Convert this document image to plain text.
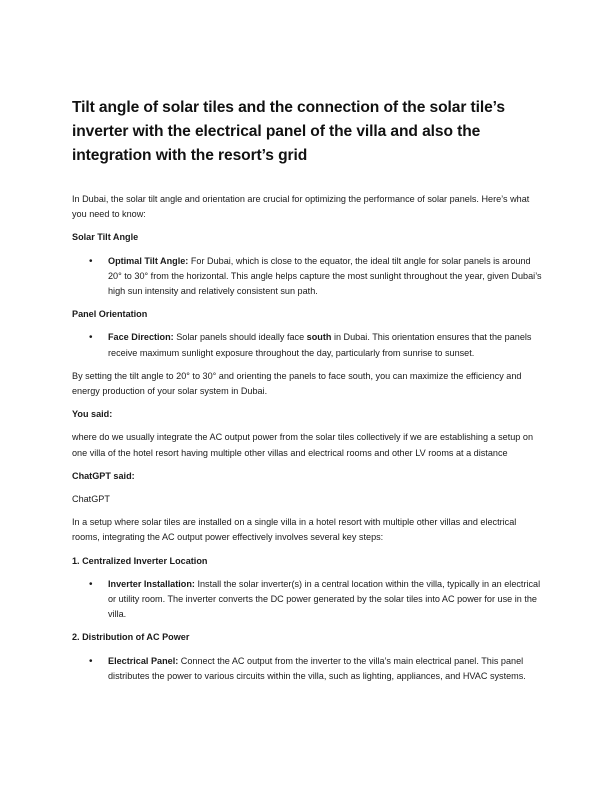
Tilt angle of solar tiles and the connection of the solar tile’s inverter with the electrical panel of the villa and also the integration with the resort’s grid

In Dubai, the solar tilt angle and orientation are crucial for optimizing the performance of solar panels. Here’s what you need to know:

Solar Tilt Angle

• Optimal Tilt Angle: For Dubai, which is close to the equator, the ideal tilt angle for solar panels is around 20° to 30° from the horizontal. This angle helps capture the most sunlight throughout the year, given Dubai’s high sun intensity and relatively consistent sun path.

Panel Orientation

• Face Direction: Solar panels should ideally face south in Dubai. This orientation ensures that the panels receive maximum sunlight exposure throughout the day, particularly from sunrise to sunset.

By setting the tilt angle to 20° to 30° and orienting the panels to face south, you can maximize the efficiency and energy production of your solar system in Dubai.

You said:

where do we usually integrate the AC output power from the solar tiles collectively if we are establishing a setup on one villa of the hotel resort having multiple other villas and electrical rooms and other LV rooms at a distance

ChatGPT said:

ChatGPT

In a setup where solar tiles are installed on a single villa in a hotel resort with multiple other villas and electrical rooms, integrating the AC output power effectively involves several key steps:

1. Centralized Inverter Location

• Inverter Installation: Install the solar inverter(s) in a central location within the villa, typically in an electrical or utility room. The inverter converts the DC power generated by the solar tiles into AC power for use in the villa.

2. Distribution of AC Power

• Electrical Panel: Connect the AC output from the inverter to the villa’s main electrical panel. This panel distributes the power to various circuits within the villa, such as lighting, appliances, and HVAC systems.
